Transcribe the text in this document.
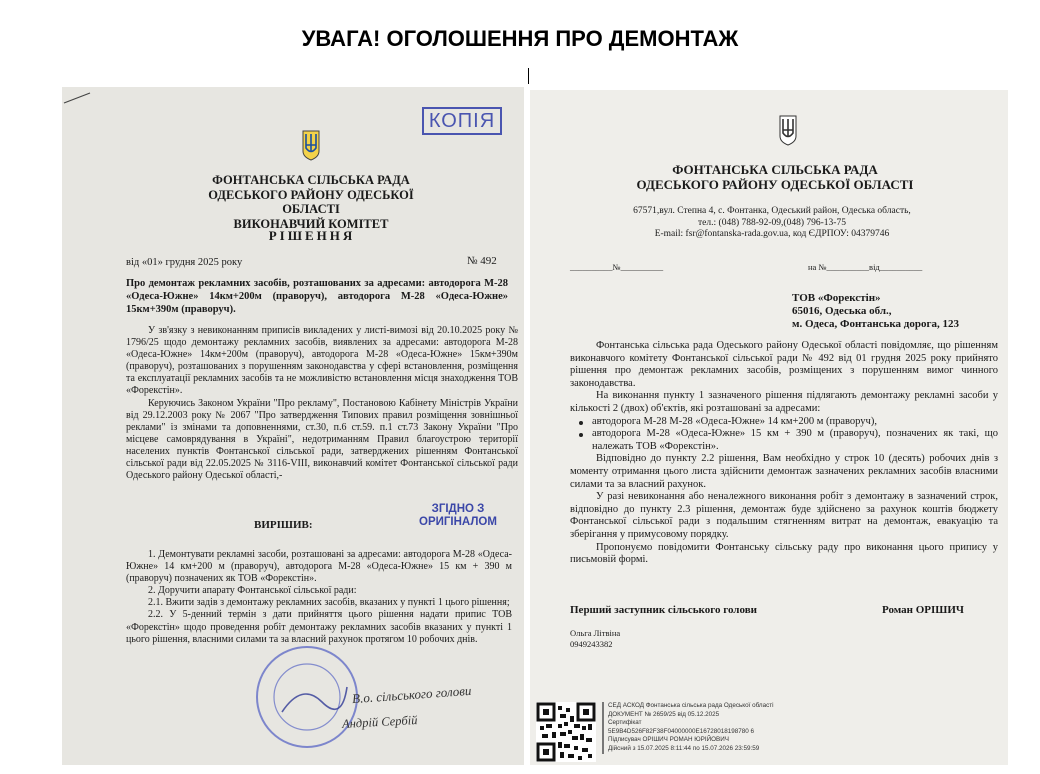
УВАГА! ОГОЛОШЕННЯ ПРО ДЕМОНТАЖ
КОПІЯ
ФОНТАНСЬКА СІЛЬСЬКА РАДА
ОДЕСЬКОГО РАЙОНУ ОДЕСЬКОЇ ОБЛАСТІ
ВИКОНАВЧИЙ КОМІТЕТ
РІШЕННЯ
від «01» грудня 2025 року	№ 492
Про демонтаж рекламних засобів, розташованих за адресами: автодорога М-28 «Одеса-Южне» 14км+200м (праворуч), автодорога М-28 «Одеса-Южне» 15км+390м (праворуч).

У зв'язку з невиконанням приписів викладених у листі-вимозі від 20.10.2025 року № 1796/25 щодо демонтажу рекламних засобів, виявлених за адресами: автодорога М-28 «Одеса-Южне» 14км+200м (праворуч), автодорога М-28 «Одеса-Южне» 15км+390м (праворуч), розташованих з порушенням законодавства у сфері встановлення, розміщення та експлуатації рекламних засобів та не можливістю встановлення місця знаходження ТОВ «Форекстін».

Керуючись Законом України "Про рекламу", Постановою Кабінету Міністрів України від 29.12.2003 року № 2067 "Про затвердження Типових правил розміщення зовнішньої реклами" із змінами та доповненнями, ст.30, п.6 ст.59. п.1 ст.73 Закону України "Про місцеве самоврядування в Україні", недотриманням Правил благоустрою території населених пунктів Фонтанської сільської ради, затверджених рішенням Фонтанської сільської ради від 22.05.2025 № 3116-VIII, виконавчий комітет Фонтанської сільської ради Одеського району Одеської області,-

ВИРІШИВ:
ЗГІДНО З ОРИГІНАЛОМ

1. Демонтувати рекламні засоби, розташовані за адресами: автодорога М-28 «Одеса-Южне» 14 км+200 м (праворуч), автодорога М-28 «Одеса-Южне» 15 км + 390 м (праворуч) позначених як ТОВ «Форекстін».

2. Доручити апарату Фонтанської сільської ради:

2.1. Вжити задів з демонтажу рекламних засобів, вказаних у пункті 1 цього рішення;

2.2. У 5-денний термін з дати прийняття цього рішення надати припис ТОВ «Форекстін» щодо проведення робіт демонтажу рекламних засобів вказаних у пункті 1 цього рішення, власними силами та за власний рахунок протягом 10 робочих днів.

В.о. сільського голови
Андрій Сербій
ФОНТАНСЬКА СІЛЬСЬКА РАДА
ОДЕСЬКОГО РАЙОНУ ОДЕСЬКОЇ ОБЛАСТІ
67571,вул. Степна 4, с. Фонтанка, Одеський район, Одеська область,
тел.: (048) 788-92-09,(048) 796-13-75
E-mail: fsr@fontanska-rada.gov.ua, код ЄДРПОУ: 04379746
__________№__________	на №__________від__________
ТОВ «Форекстін»
65016, Одеська обл.,
м. Одеса, Фонтанська дорога, 123

Фонтанська сільська рада Одеського району Одеської області повідомляє, що рішенням виконавчого комітету Фонтанської сільської ради № 492 від 01 грудня 2025 року прийнято рішення про демонтаж рекламних засобів, розміщених з порушенням вимог чинного законодавства.

На виконання пункту 1 зазначеного рішення підлягають демонтажу рекламні засоби у кількості 2 (двох) об'єктів, які розташовані за адресами:

автодорога М-28 М-28 «Одеса-Южне» 14 км+200 м (праворуч),

автодорога М-28 «Одеса-Южне» 15 км + 390 м (праворуч), позначених як такі, що належать ТОВ «Форекстін».

Відповідно до пункту 2.2 рішення, Вам необхідно у строк 10 (десять) робочих днів з моменту отримання цього листа здійснити демонтаж зазначених рекламних засобів власними силами та за власний рахунок.

У разі невиконання або неналежного виконання робіт з демонтажу в зазначений строк, відповідно до пункту 2.3 рішення, демонтаж буде здійснено за рахунок коштів бюджету Фонтанської сільської ради з подальшим стягненням витрат на демонтаж, евакуацію та зберігання у примусовому порядку.

Пропонуємо повідомити Фонтанську сільську раду про виконання цього припису у письмовій формі.

Перший заступник сільського голови	Роман ОРІШИЧ
Ольга Літвіна
0949243382
СЕД АСКОД Фонтанська сільська рада Одеської області
ДОКУМЕНТ № 2659/25 від 05.12.2025
Сертифікат
5E9B4D526F82F38F04000000E16728018198780 6
Підписувач ОРІШИЧ РОМАН ЮРІЙОВИЧ
Дійсний з 15.07.2025 8:11:44 по 15.07.2026 23:59:59
